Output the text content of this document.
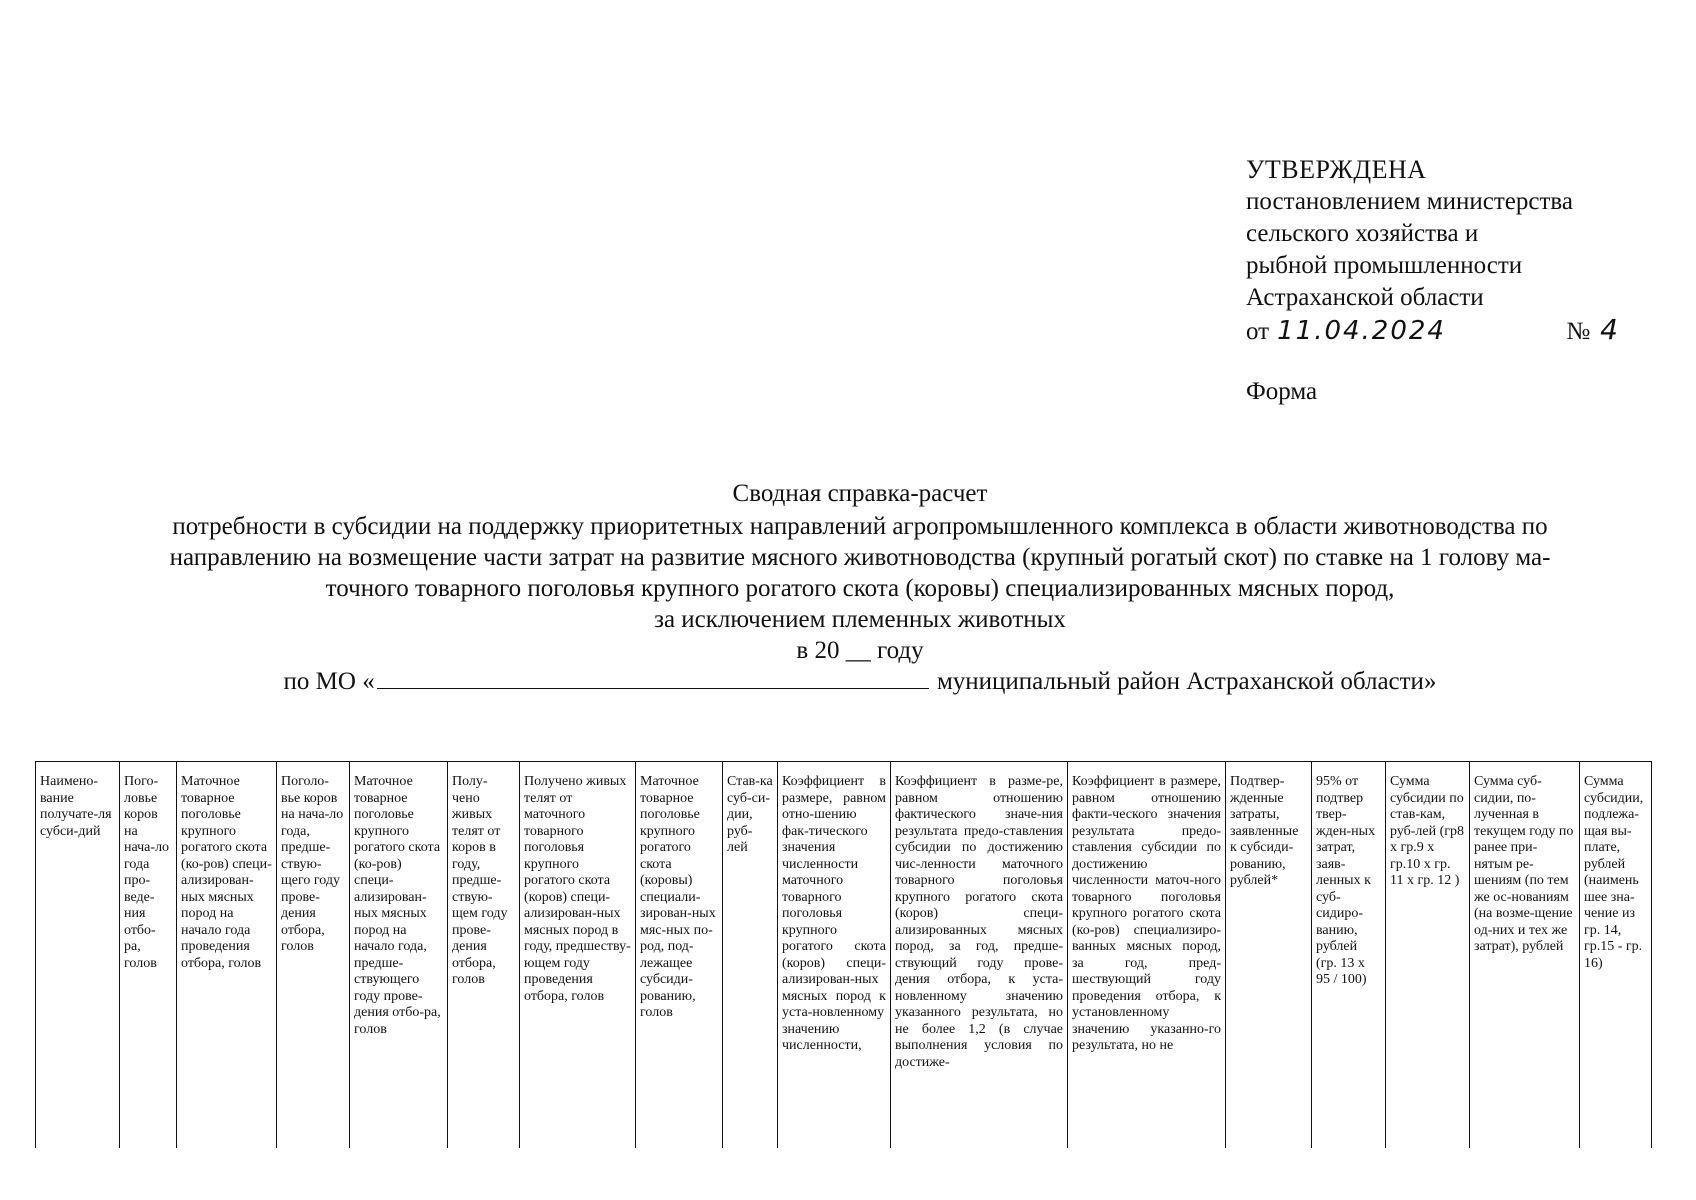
УТВЕРЖДЕНА
постановлением министерства
сельского хозяйства и
рыбной промышленности
Астраханской области
от 11.04.2024	№ 4
Форма
Сводная справка-расчет
потребности в субсидии на поддержку приоритетных направлений агропромышленного комплекса в области животноводства по
направлению на возмещение части затрат на развитие мясного животноводства (крупный рогатый скот) по ставке на 1 голову ма-
точного товарного поголовья крупного рогатого скота (коровы) специализированных мясных пород,
за исключением племенных животных
в 20 __ году
по МО «	муниципальный район Астраханской области»
Наимено-вание получате-ля субси-дий	Пого-ловье коров на нача-ло года про-веде-ния отбо-ра, голов	Маточное товарное поголовье крупного рогатого скота (ко-ров) специ-ализирован-ных мясных пород на начало года проведения отбора, голов	Поголо-вье коров на нача-ло года, предше-ствую-щего году прове-дения отбора, голов	Маточное товарное поголовье крупного рогатого скота (ко-ров) специ-ализирован-ных мясных пород на начало года, предше-ствующего году прове-дения отбо-ра, голов	Полу-чено живых телят от коров в году, предше-ствую-щем году прове-дения отбора, голов	Получено живых телят от маточного товарного поголовья крупного рогатого скота (коров) специ-ализирован-ных мясных пород в году, предшеству-ющем году проведения отбора, голов	Маточное товарное поголовье крупного рогатого скота (коровы) специали-зирован-ных мяс-ных по-род, под-лежащее субсиди-рованию, голов	Став-ка суб-си-дии, руб-лей	Коэффициент в размере, равном отно-шению фак-тического значения численности маточного товарного поголовья крупного рогатого скота (коров) специ-ализирован-ных мясных пород к уста-новленному значению численности,	Коэффициент в разме-ре, равном отношению фактического значе-ния результата предо-ставления субсидии по достижению чис-ленности маточного товарного поголовья крупного рогатого скота (коров) специ-ализированных мясных пород, за год, предше-ствующий году прове-дения отбора, к уста-новленному значению указанного результата, но не более 1,2 (в случае выполнения условия по достиже-	Коэффициент в размере, равном отношению факти-ческого значения результата предо-ставления субсидии по достижению численности маточ-ного товарного поголовья крупного рогатого скота (ко-ров) специализиро-ванных мясных пород, за год, пред-шествующий году проведения отбора, к установленному значению указанно-го результата, но не	Подтвер-жденные затраты, заявленные к субсиди-рованию, рублей*	95% от подтвер твер-жден-ных затрат, заяв-ленных к суб-сидиро-ванию, рублей (гр. 13 x 95 / 100)	Сумма субсидии по став-кам, руб-лей (гр8 x гр.9 x гр.10 x гр. 11 x гр. 12 )	Сумма суб-сидии, по-лученная в текущем году по ранее при-нятым ре-шениям (по тем же ос-нованиям (на возме-щение од-них и тех же затрат), рублей	Сумма субсидии, подлежа-щая вы-плате, рублей (наимень шее зна-чение из гр. 14, гр.15 - гр. 16)
